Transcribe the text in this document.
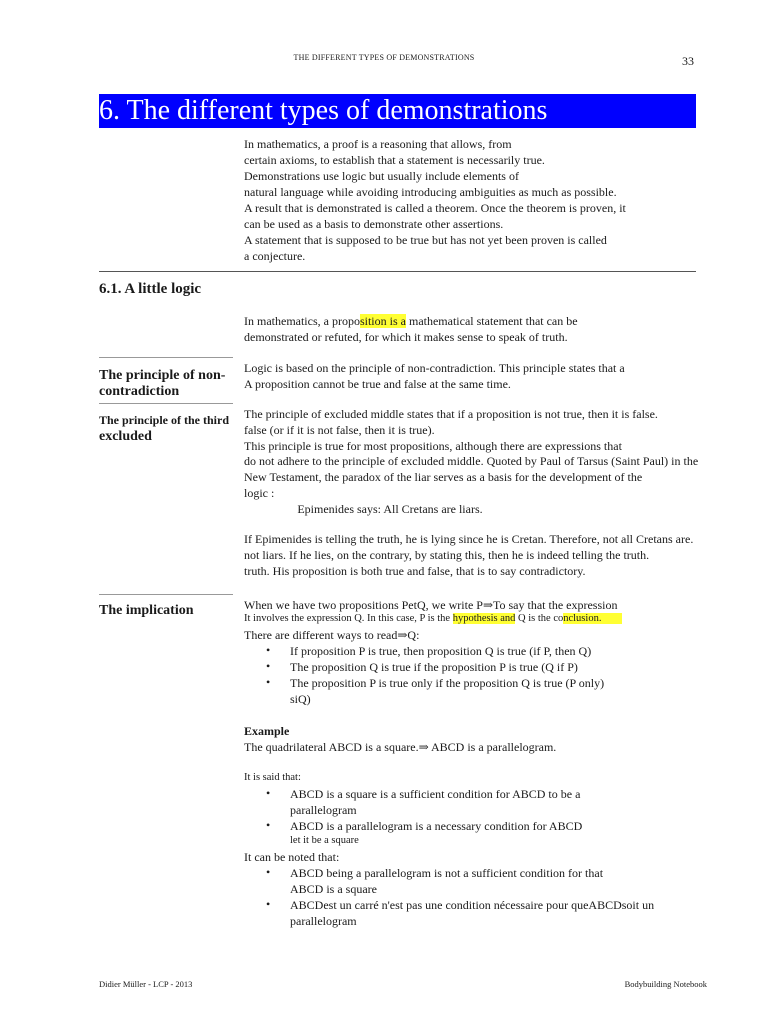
THE DIFFERENT TYPES OF DEMONSTRATIONS	33
6. The different types of demonstrations
In mathematics, a proof is a reasoning that allows, from
certain axioms, to establish that a statement is necessarily true.
Demonstrations use logic but usually include elements of
natural language while avoiding introducing ambiguities as much as possible.
A result that is demonstrated is called a theorem. Once the theorem is proven, it
can be used as a basis to demonstrate other assertions.
A statement that is supposed to be true but has not yet been proven is called
a conjecture.
6.1. A little logic
In mathematics, a proposition is a mathematical statement that can be
demonstrated or refuted, for which it makes sense to speak of truth.
The principle of non-
contradiction
Logic is based on the principle of non-contradiction. This principle states that a
A proposition cannot be true and false at the same time.
The principle of the third
excluded
The principle of excluded middle states that if a proposition is not true, then it is false.
false (or if it is not false, then it is true).
This principle is true for most propositions, although there are expressions that
do not adhere to the principle of excluded middle. Quoted by Paul of Tarsus (Saint Paul) in the
New Testament, the paradox of the liar serves as a basis for the development of the
logic :
Epimenides says: All Cretans are liars.
If Epimenides is telling the truth, he is lying since he is Cretan. Therefore, not all Cretans are.
not liars. If he lies, on the contrary, by stating this, then he is indeed telling the truth.
truth. His proposition is both true and false, that is to say contradictory.
The implication	When we have two propositions PetQ, we write P⇒To say that the expression
It involves the expression Q. In this case, P is the hypothesis and Q is the conclusion.
There are different ways to read⇒Q:
• If proposition P is true, then proposition Q is true (if P, then Q)
• The proposition Q is true if the proposition P is true (Q if P)
• The proposition P is true only if the proposition Q is true (P only)
siQ)
Example
The quadrilateral ABCD is a square.⇒ ABCD is a parallelogram.
It is said that:
• ABCD is a square is a sufficient condition for ABCD to be a
parallelogram
• ABCD is a parallelogram is a necessary condition for ABCD
let it be a square
It can be noted that:
• ABCD being a parallelogram is not a sufficient condition for that
ABCD is a square
• ABCDest un carré n'est pas une condition nécessaire pour queABCDsoit un
parallelogram
Didier Müller - LCP - 2013	Bodybuilding Notebook
